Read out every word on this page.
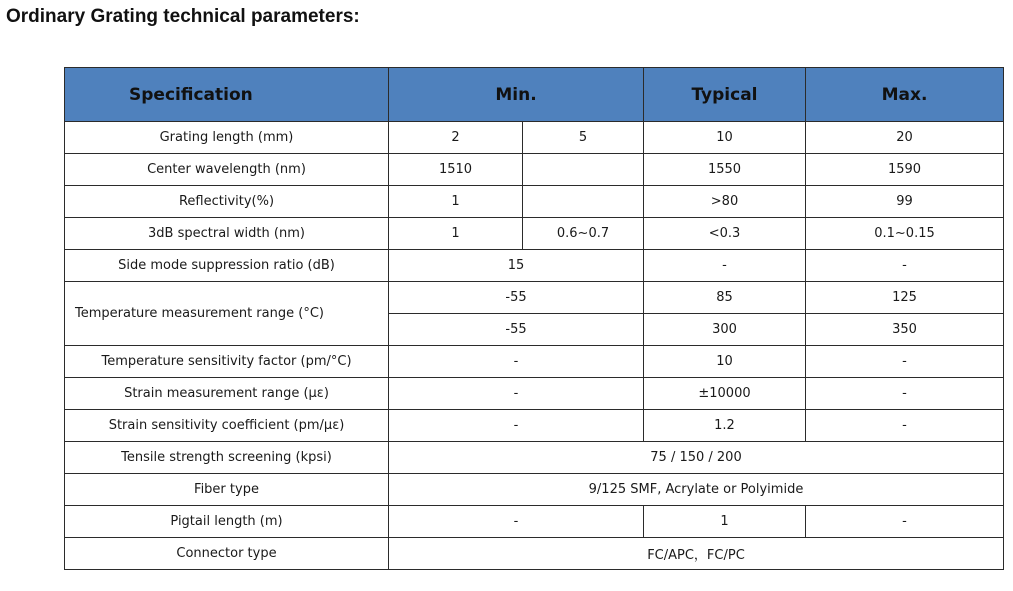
Ordinary Grating technical parameters:
Specification	Min.		Typical	Max.
Grating length (mm)	2	5	10	20
Center wavelength (nm)	1510		1550	1590
Reflectivity(%)	1		>80	99
3dB spectral width (nm)	1	0.6~0.7	<0.3	0.1~0.15
Side mode suppression ratio (dB)	15		-	-
Temperature measurement range (°C)	-55		85	125
	-55		300	350
Temperature sensitivity factor (pm/°C)	-		10	-
Strain measurement range (με)	-		±10000	-
Strain sensitivity coefficient (pm/με)	-		1.2	-
Tensile strength screening (kpsi)	75 / 150 / 200			
Fiber type	9/125 SMF, Acrylate or Polyimide			
Pigtail length (m)	-		1	-
Connector type	FC/APC，FC/PC			
